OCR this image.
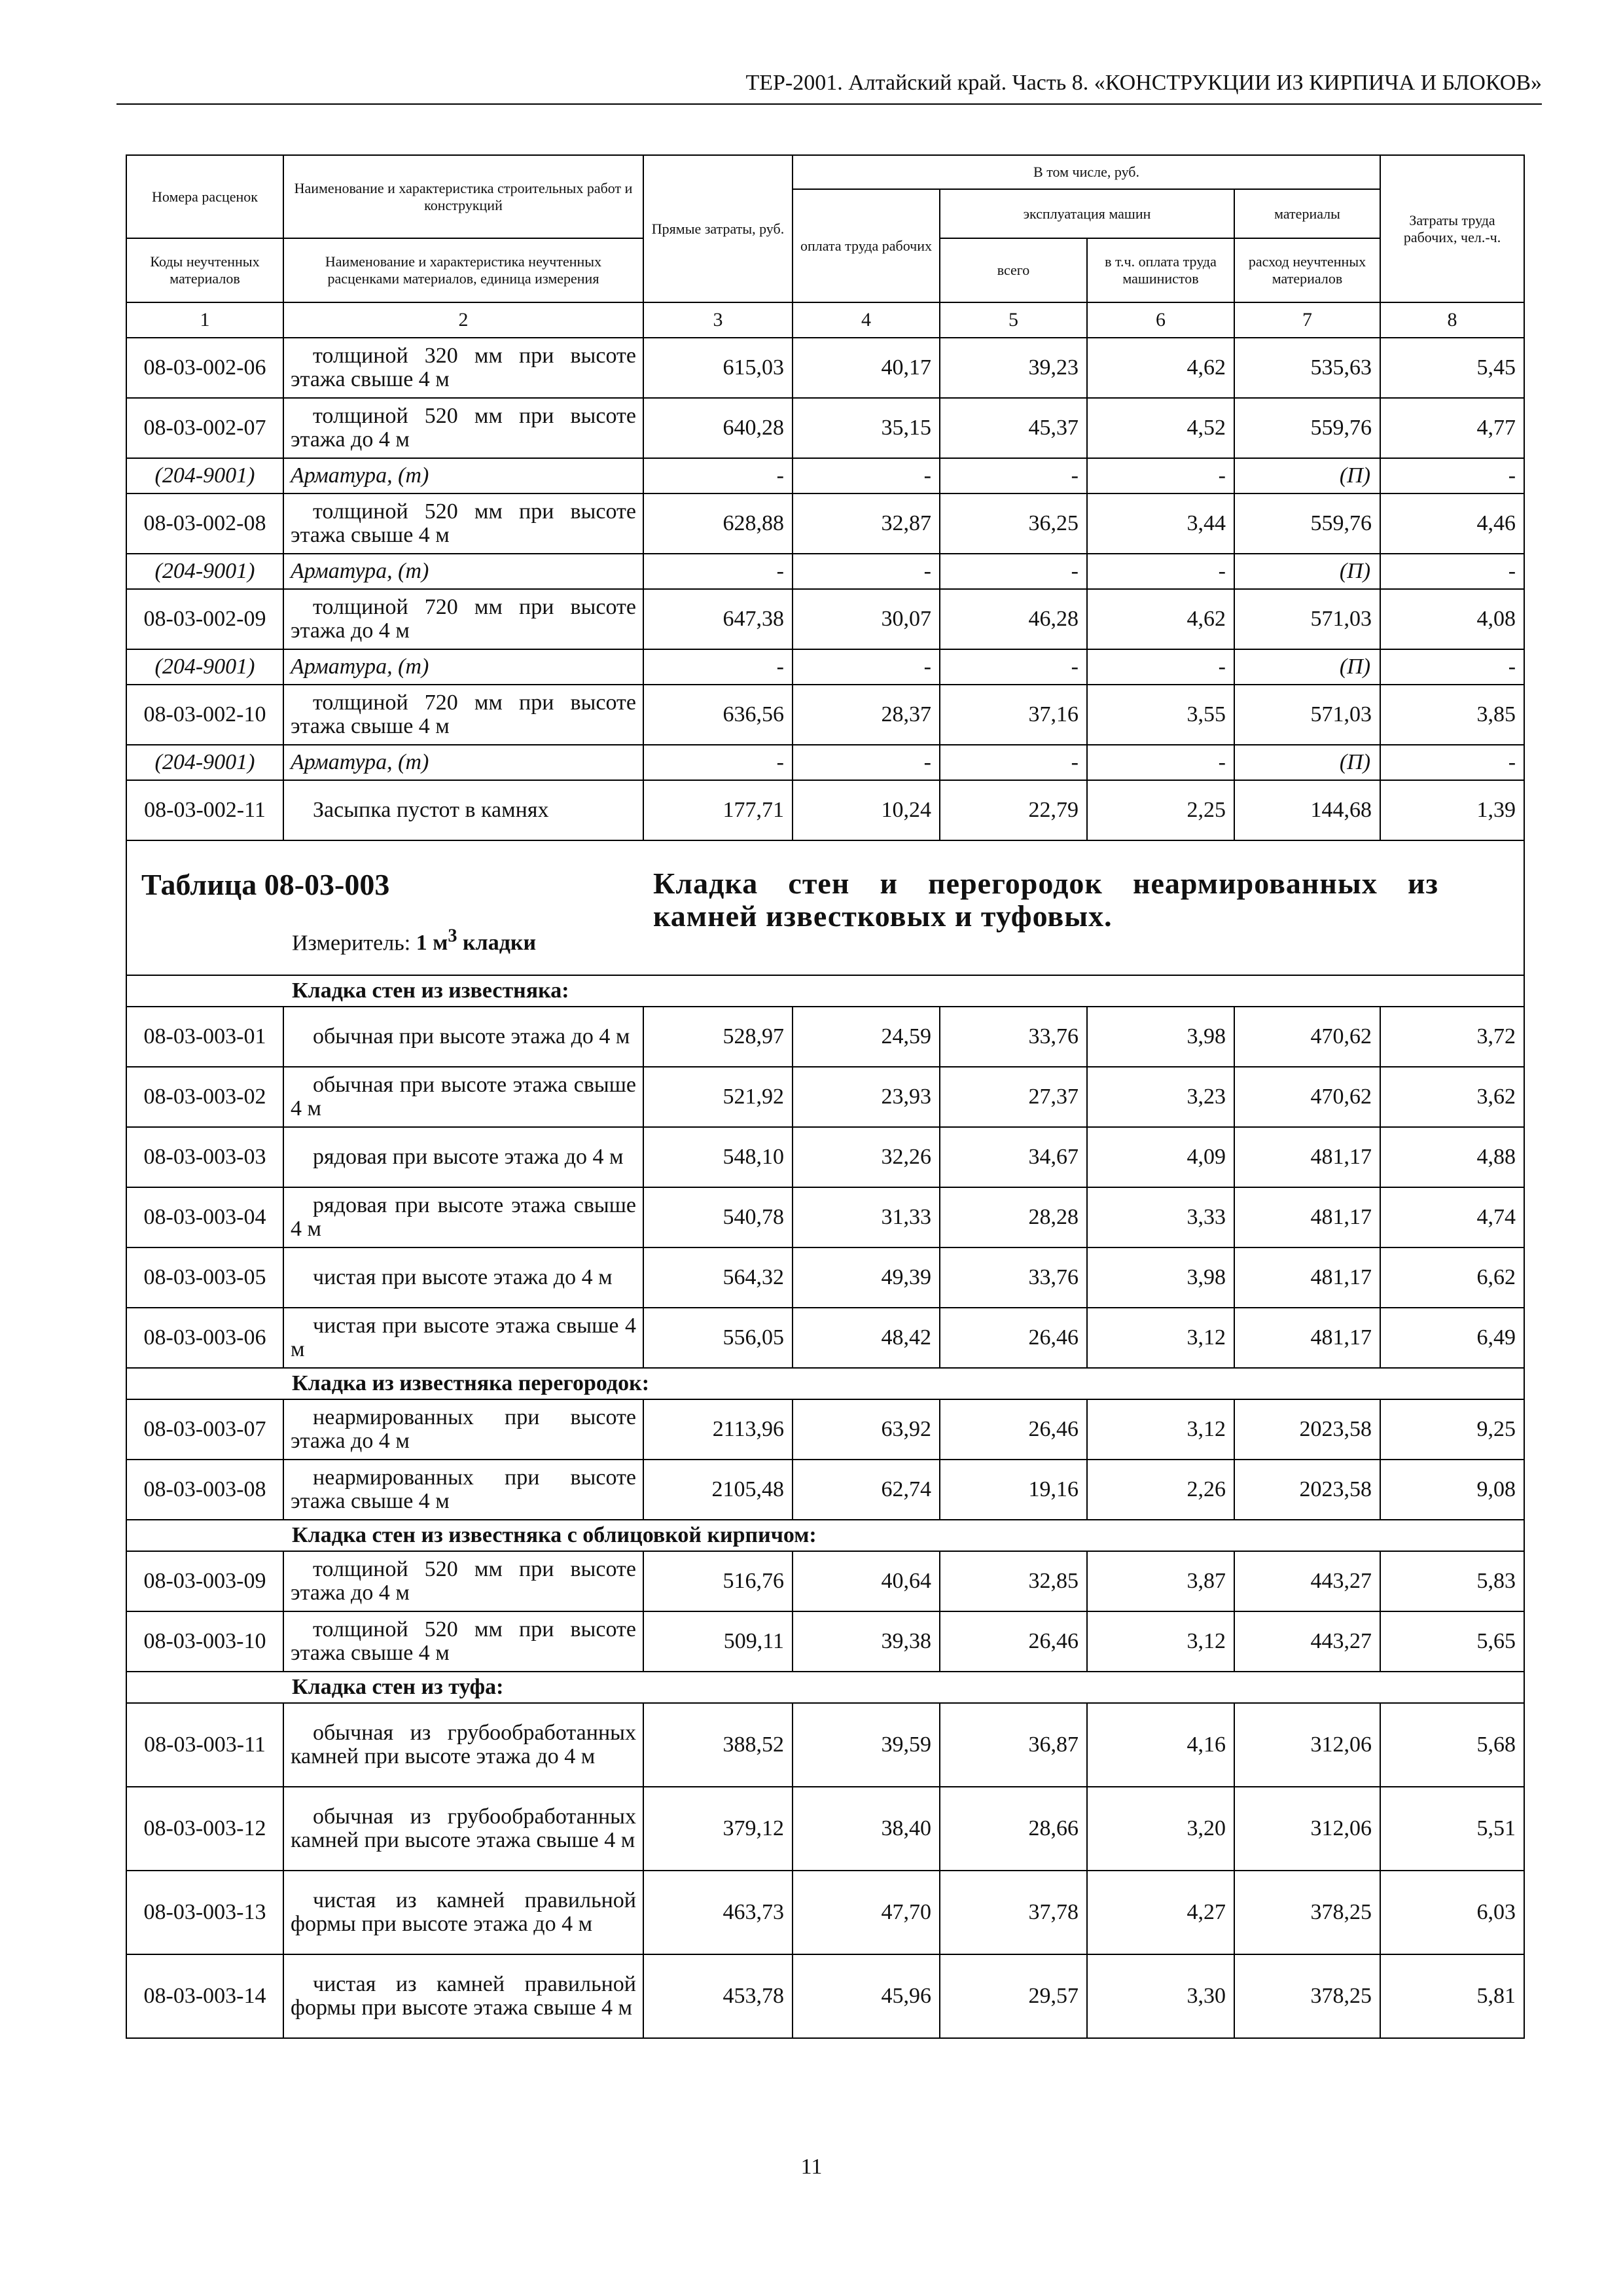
ТЕР-2001. Алтайский край. Часть 8. «КОНСТРУКЦИИ ИЗ КИРПИЧА И БЛОКОВ»
Номера расценок	Наименование и характеристика строительных работ и конструкций	Прямые затраты, руб.	В том числе, руб.				Затраты труда рабочих, чел.-ч.
			оплата труда рабочих	эксплуатация машин		материалы	
Коды неучтенных материалов	Наименование и характеристика неучтенных расценками материалов, единица измерения			всего	в т.ч. оплата труда машинистов	расход неучтенных материалов	

1	2	3	4	5	6	7	8
08-03-002-06	толщиной 320 мм при высоте этажа свыше 4 м	615,03	40,17	39,23	4,62	535,63	5,45
08-03-002-07	толщиной 520 мм при высоте этажа до 4 м	640,28	35,15	45,37	4,52	559,76	4,77
(204-9001)	Арматура, (т)	-	-	-	-	(П)	-
08-03-002-08	толщиной 520 мм при высоте этажа свыше 4 м	628,88	32,87	36,25	3,44	559,76	4,46
(204-9001)	Арматура, (т)	-	-	-	-	(П)	-
08-03-002-09	толщиной 720 мм при высоте этажа до 4 м	647,38	30,07	46,28	4,62	571,03	4,08
(204-9001)	Арматура, (т)	-	-	-	-	(П)	-
08-03-002-10	толщиной 720 мм при высоте этажа свыше 4 м	636,56	28,37	37,16	3,55	571,03	3,85
(204-9001)	Арматура, (т)	-	-	-	-	(П)	-
08-03-002-11	Засыпка пустот в камнях	177,71	10,24	22,79	2,25	144,68	1,39

Таблица 08-03-003 Кладка стен и перегородок неармированных из камней известковых и туфовых.
Измеритель: 1 $м^3$ кладки							

Кладка стен из известняка:							
08-03-003-01	обычная при высоте этажа до 4 м	528,97	24,59	33,76	3,98	470,62	3,72
08-03-003-02	обычная при высоте этажа свыше 4 м	521,92	23,93	27,37	3,23	470,62	3,62
08-03-003-03	рядовая при высоте этажа до 4 м	548,10	32,26	34,67	4,09	481,17	4,88
08-03-003-04	рядовая при высоте этажа свыше 4 м	540,78	31,33	28,28	3,33	481,17	4,74
08-03-003-05	чистая при высоте этажа до 4 м	564,32	49,39	33,76	3,98	481,17	6,62
08-03-003-06	чистая при высоте этажа свыше 4 м	556,05	48,42	26,46	3,12	481,17	6,49
Кладка из известняка перегородок:							
08-03-003-07	неармированных при высоте этажа до 4 м	2113,96	63,92	26,46	3,12	2023,58	9,25
08-03-003-08	неармированных при высоте этажа свыше 4 м	2105,48	62,74	19,16	2,26	2023,58	9,08
Кладка стен из известняка с облицовкой кирпичом:							
08-03-003-09	толщиной 520 мм при высоте этажа до 4 м	516,76	40,64	32,85	3,87	443,27	5,83
08-03-003-10	толщиной 520 мм при высоте этажа свыше 4 м	509,11	39,38	26,46	3,12	443,27	5,65
Кладка стен из туфа:							
08-03-003-11	обычная из грубообработанных камней при высоте этажа до 4 м	388,52	39,59	36,87	4,16	312,06	5,68
08-03-003-12	обычная из грубообработанных камней при высоте этажа свыше 4 м	379,12	38,40	28,66	3,20	312,06	5,51
08-03-003-13	чистая из камней правильной формы при высоте этажа до 4 м	463,73	47,70	37,78	4,27	378,25	6,03
08-03-003-14	чистая из камней правильной формы при высоте этажа свыше 4 м	453,78	45,96	29,57	3,30	378,25	5,81
11
